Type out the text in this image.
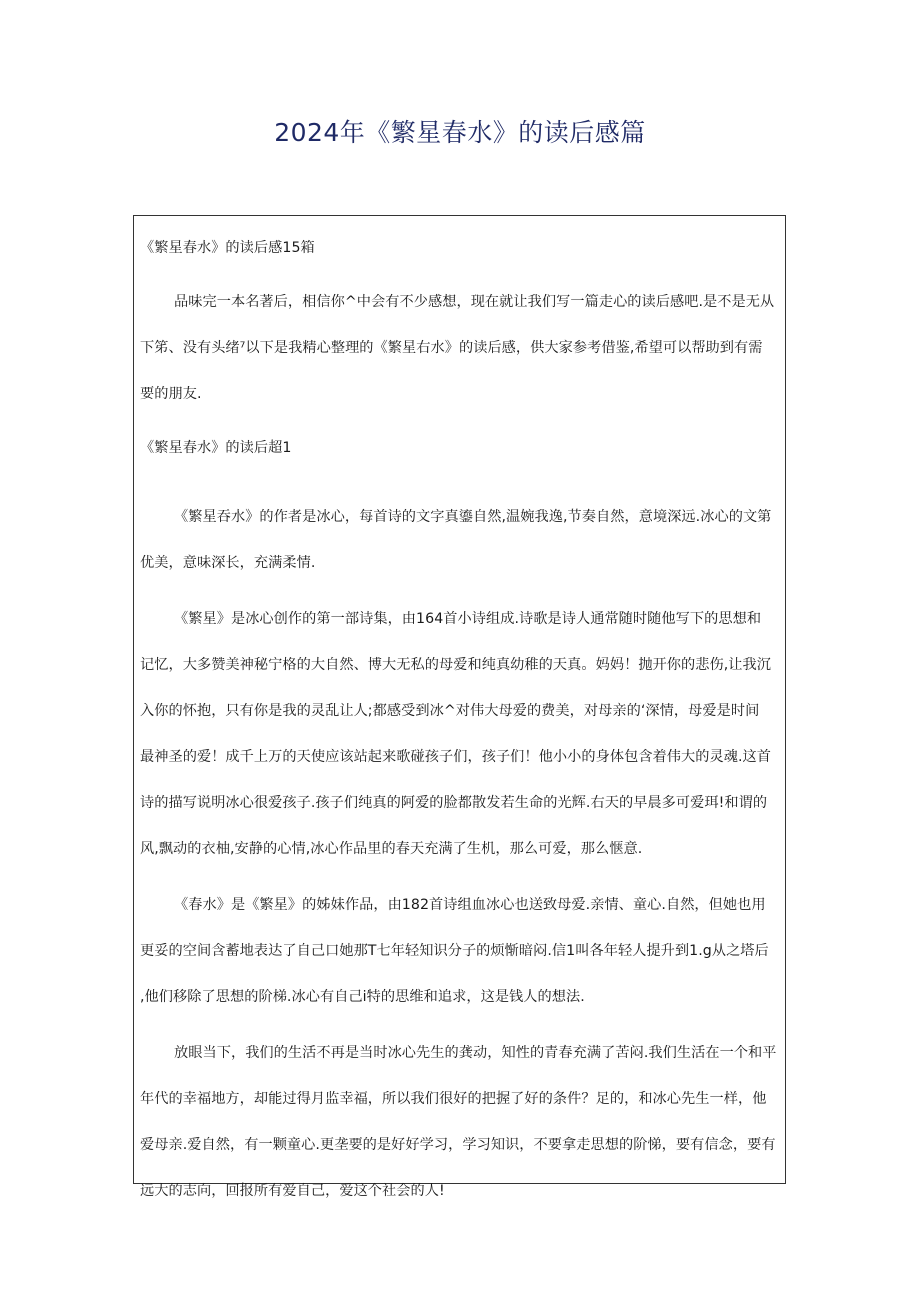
2024年《繁星春水》的读后感篇
《繁星春水》的读后感15箱
品味完一本名著后，相信你^中会有不少感想，现在就让我们写一篇走心的读后感吧.是不是无从
下笫、没有头绪⁷以下是我精心整理的《繁星右水》的读后感，供大家参考借鉴,希望可以帮助到有需
要的朋友.
《繁星春水》的读后超1
《繁星吞水》的作者是冰心，每首诗的文字真鎏自然,温婉我逸,节奏自然，意境深远.冰心的文第
优美，意味深长，充满柔情.
《繁星》是冰心创作的第一部诗集，由164首小诗组成.诗歌是诗人通常随时随他写下的思想和
记忆，大多赞美神秘宁格的大自然、博大无私的母爱和纯真幼稚的天真。妈妈！抛开你的悲伤,让我沉
入你的怀抱，只有你是我的灵乱让人;都感受到冰^对伟大母爱的费美，对母亲的‘深情，母爱是时间
最神圣的爱！成千上万的天使应该站起来歌碰孩子们，孩子们！他小小的身体包含着伟大的灵魂.这首
诗的描写说明冰心很爱孩子.孩子们纯真的阿爱的脸都散发若生命的光辉.右天的早晨多可爱珥!和谓的
风,飘动的衣柚,安静的心情,冰心作品里的春天充满了生机，那么可爱，那么惬意.
《春水》是《繁星》的姊妹作品，由182首诗组血冰心也送致母爱.亲情、童心.自然，但她也用
更妥的空间含蓄地表达了自己口她那T七年轻知识分子的烦惭暗闷.信1叫各年轻人提升到1.g从之塔后
,他们移除了思想的阶梯.冰心有自己i特的思维和追求，这是钱人的想法.
放眼当下，我们的生活不再是当时冰心先生的龚动，知性的青春充满了苦闷.我们生活在一个和平
年代的幸福地方，却能过得月监幸福，所以我们很好的把握了好的条件？足的，和冰心先生一样，他
爱母亲.爱自然，有一颗童心.更垄要的是好好学习，学习知识，不要拿走思想的阶悌，要有信念，要有
远大的志向，回报所有爱自己，爱这个社会的人!
